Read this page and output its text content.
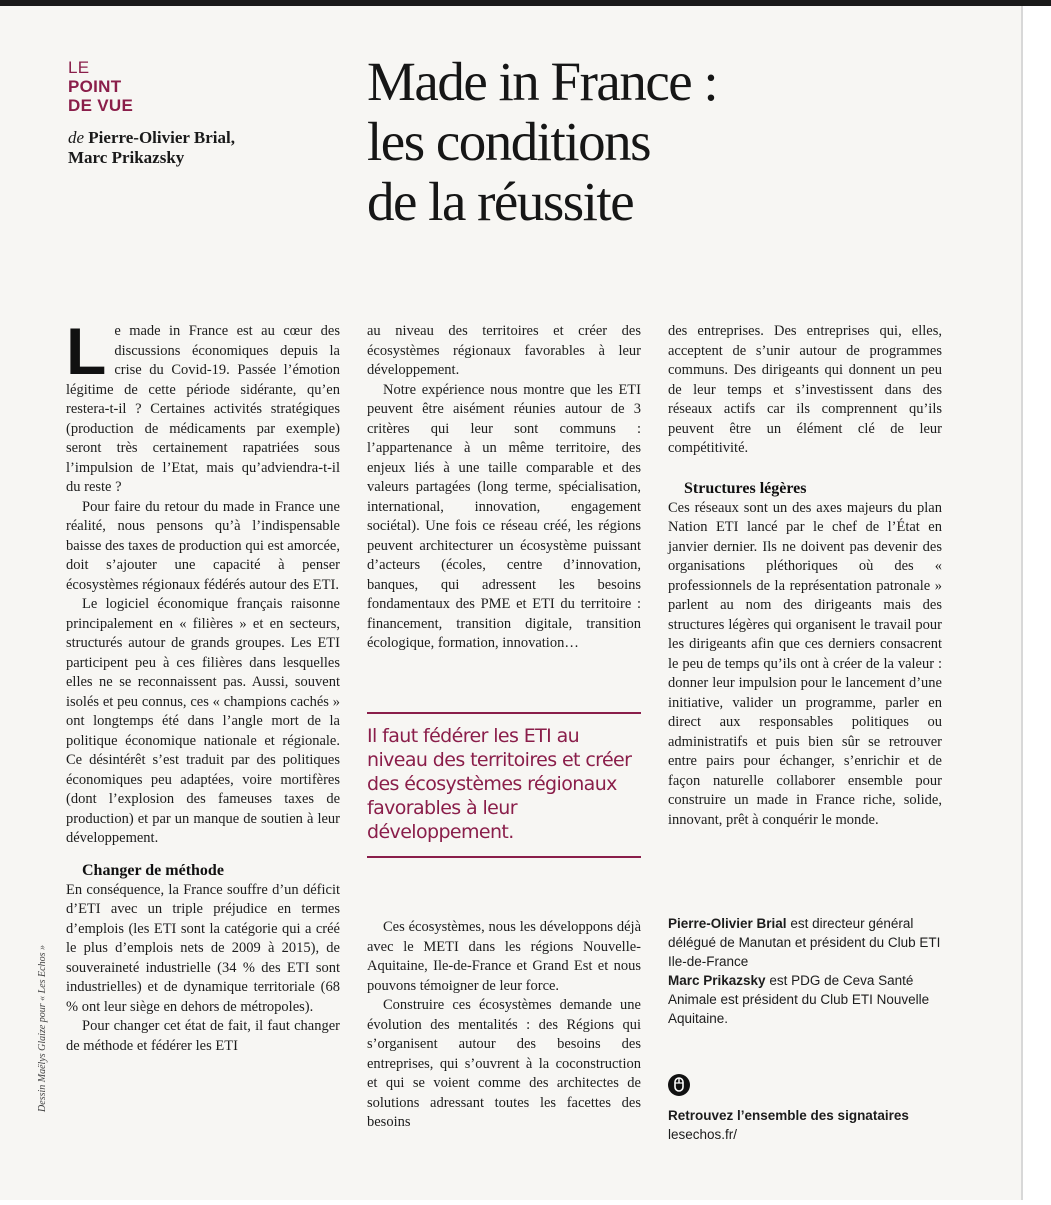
LE
POINT
DE VUE
de Pierre-Olivier Brial,
Marc Prikazsky
Made in France :
les conditions
de la réussite

Le made in France est au cœur des discussions économiques depuis la crise du Covid-19. Passée l’émotion légitime de cette période sidérante, qu’en restera-t-il ? Certaines activités stratégiques (production de médicaments par exemple) seront très certainement rapatriées sous l’impulsion de l’Etat, mais qu’adviendra-t-il du reste ?

Pour faire du retour du made in France une réalité, nous pensons qu’à l’indispensable baisse des taxes de production qui est amorcée, doit s’ajouter une capacité à penser écosystèmes régionaux fédérés autour des ETI.

Le logiciel économique français raisonne principalement en « filières » et en secteurs, structurés autour de grands groupes. Les ETI participent peu à ces filières dans lesquelles elles ne se reconnaissent pas. Aussi, souvent isolés et peu connus, ces « champions cachés » ont longtemps été dans l’angle mort de la politique économique nationale et régionale. Ce désintérêt s’est traduit par des politiques économiques peu adaptées, voire mortifères (dont l’explosion des fameuses taxes de production) et par un manque de soutien à leur développement.

Changer de méthode

En conséquence, la France souffre d’un déficit d’ETI avec un triple préjudice en termes d’emplois (les ETI sont la catégorie qui a créé le plus d’emplois nets de 2009 à 2015), de souveraineté industrielle (34 % des ETI sont industrielles) et de dynamique territoriale (68 % ont leur siège en dehors de métropoles).

Pour changer cet état de fait, il faut changer de méthode et fédérer les ETI

au niveau des territoires et créer des écosystèmes régionaux favorables à leur développement.

Notre expérience nous montre que les ETI peuvent être aisément réunies autour de 3 critères qui leur sont communs : l’appartenance à un même territoire, des enjeux liés à une taille comparable et des valeurs partagées (long terme, spécialisation, international, innovation, engagement sociétal). Une fois ce réseau créé, les régions peuvent architecturer un écosystème puissant d’acteurs (écoles, centre d’innovation, banques, qui adressent les besoins fondamentaux des PME et ETI du territoire : financement, transition digitale, transition écologique, formation, innovation…

Il faut fédérer les ETI au niveau des territoires et créer des écosystèmes régionaux favorables à leur développement.

Ces écosystèmes, nous les développons déjà avec le METI dans les régions Nouvelle-Aquitaine, Ile-de-France et Grand Est et nous pouvons témoigner de leur force.

Construire ces écosystèmes demande une évolution des mentalités : des Régions qui s’organisent autour des besoins des entreprises, qui s’ouvrent à la coconstruction et qui se voient comme des architectes de solutions adressant toutes les facettes des besoins

des entreprises. Des entreprises qui, elles, acceptent de s’unir autour de programmes communs. Des dirigeants qui donnent un peu de leur temps et s’investissent dans des réseaux actifs car ils comprennent qu’ils peuvent être un élément clé de leur compétitivité.

Structures légères

Ces réseaux sont un des axes majeurs du plan Nation ETI lancé par le chef de l’État en janvier dernier. Ils ne doivent pas devenir des organisations pléthoriques où des « professionnels de la représentation patronale » parlent au nom des dirigeants mais des structures légères qui organisent le travail pour les dirigeants afin que ces derniers consacrent le peu de temps qu’ils ont à créer de la valeur : donner leur impulsion pour le lancement d’une initiative, valider un programme, parler en direct aux responsables politiques ou administratifs et puis bien sûr se retrouver entre pairs pour échanger, s’enrichir et de façon naturelle collaborer ensemble pour construire un made in France riche, solide, innovant, prêt à conquérir le monde.

Pierre-Olivier Brial est directeur général délégué de Manutan et président du Club ETI Ile-de-France

Marc Prikazsky est PDG de Ceva Santé Animale est président du Club ETI Nouvelle Aquitaine.

Retrouvez l’ensemble des signataires
lesechos.fr/
Dessin Maëlys Glaize pour « Les Echos »
